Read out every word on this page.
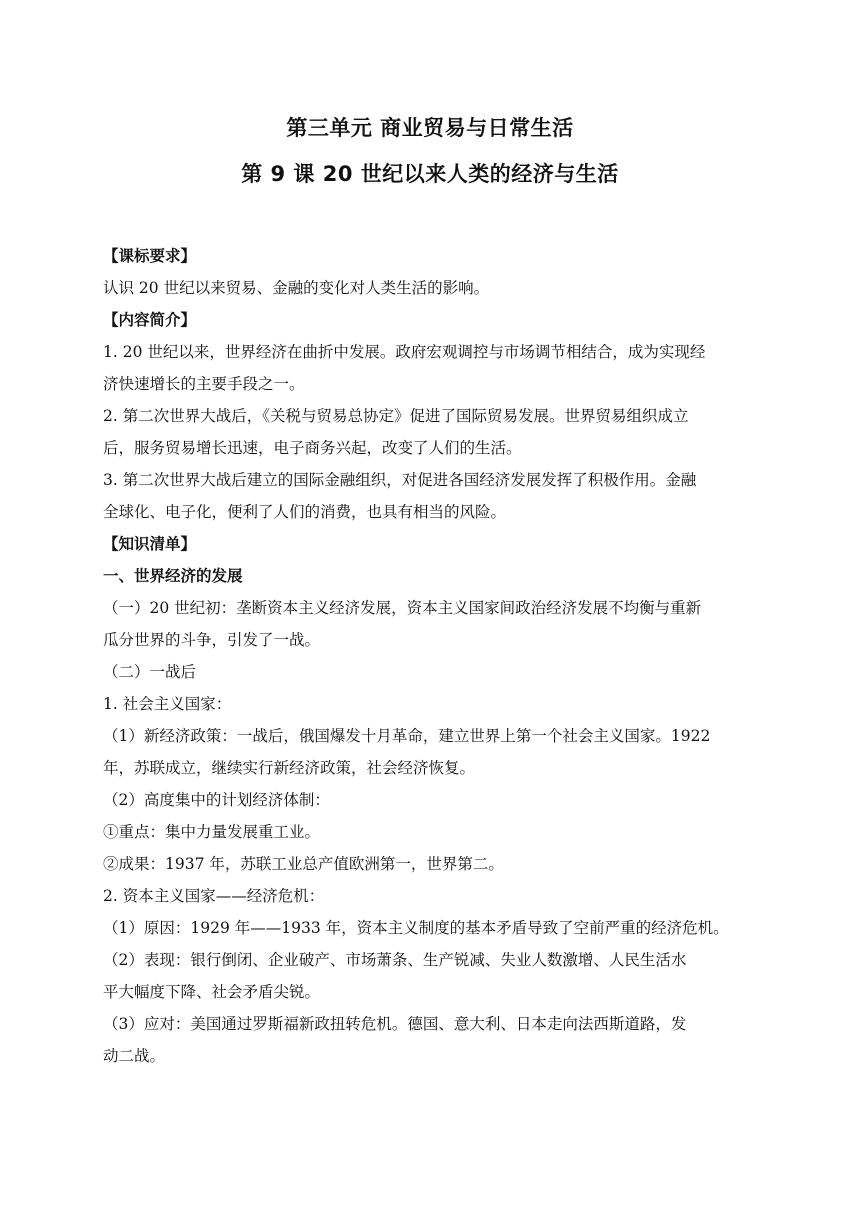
第三单元 商业贸易与日常生活
第 9 课 20 世纪以来人类的经济与生活
【课标要求】
认识 20 世纪以来贸易、金融的变化对人类生活的影响。
【内容简介】
1. 20 世纪以来，世界经济在曲折中发展。政府宏观调控与市场调节相结合，成为实现经
济快速增长的主要手段之一。
2. 第二次世界大战后，《关税与贸易总协定》促进了国际贸易发展。世界贸易组织成立
后，服务贸易增长迅速，电子商务兴起，改变了人们的生活。
3. 第二次世界大战后建立的国际金融组织，对促进各国经济发展发挥了积极作用。金融
全球化、电子化，便利了人们的消费，也具有相当的风险。
【知识清单】
一、世界经济的发展
（一）20 世纪初：垄断资本主义经济发展，资本主义国家间政治经济发展不均衡与重新
瓜分世界的斗争，引发了一战。
（二）一战后
1. 社会主义国家：
（1）新经济政策：一战后，俄国爆发十月革命，建立世界上第一个社会主义国家。1922
年，苏联成立，继续实行新经济政策，社会经济恢复。
（2）高度集中的计划经济体制：
①重点：集中力量发展重工业。
②成果：1937 年，苏联工业总产值欧洲第一，世界第二。
2. 资本主义国家——经济危机：
（1）原因：1929 年——1933 年，资本主义制度的基本矛盾导致了空前严重的经济危机。
（2）表现：银行倒闭、企业破产、市场萧条、生产锐减、失业人数激增、人民生活水
平大幅度下降、社会矛盾尖锐。
（3）应对：美国通过罗斯福新政扭转危机。德国、意大利、日本走向法西斯道路，发
动二战。
